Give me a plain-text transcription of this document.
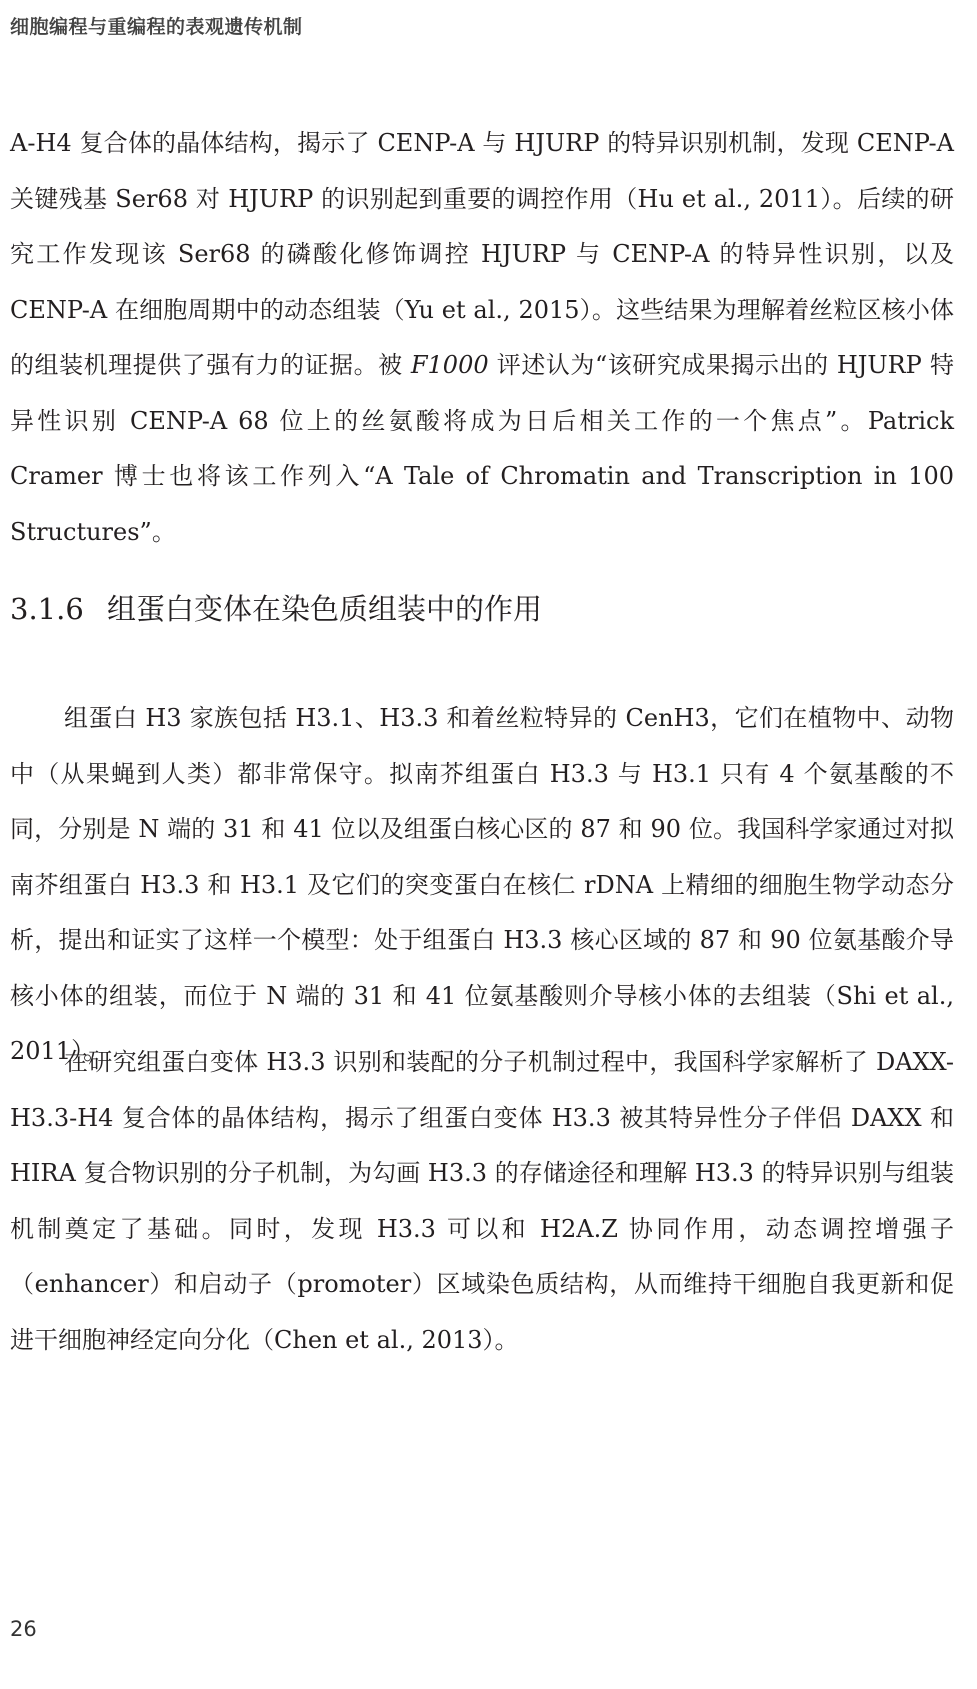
细胞编程与重编程的表观遗传机制
A-H4 复合体的晶体结构，揭示了 CENP-A 与 HJURP 的特异识别机制，发现 CENP-A 关键残基 Ser68 对 HJURP 的识别起到重要的调控作用（Hu et al., 2011）。后续的研究工作发现该 Ser68 的磷酸化修饰调控 HJURP 与 CENP-A 的特异性识别，以及 CENP-A 在细胞周期中的动态组装（Yu et al., 2015）。这些结果为理解着丝粒区核小体的组装机理提供了强有力的证据。被 F1000 评述认为“该研究成果揭示出的 HJURP 特异性识别 CENP-A 68 位上的丝氨酸将成为日后相关工作的一个焦点”。Patrick Cramer 博士也将该工作列入“A Tale of Chromatin and Transcription in 100 Structures”。
3.1.6 组蛋白变体在染色质组装中的作用
组蛋白 H3 家族包括 H3.1、H3.3 和着丝粒特异的 CenH3，它们在植物中、动物中（从果蝇到人类）都非常保守。拟南芥组蛋白 H3.3 与 H3.1 只有 4 个氨基酸的不同，分别是 N 端的 31 和 41 位以及组蛋白核心区的 87 和 90 位。我国科学家通过对拟南芥组蛋白 H3.3 和 H3.1 及它们的突变蛋白在核仁 rDNA 上精细的细胞生物学动态分析，提出和证实了这样一个模型：处于组蛋白 H3.3 核心区域的 87 和 90 位氨基酸介导核小体的组装，而位于 N 端的 31 和 41 位氨基酸则介导核小体的去组装（Shi et al., 2011）。
在研究组蛋白变体 H3.3 识别和装配的分子机制过程中，我国科学家解析了 DAXX-H3.3-H4 复合体的晶体结构，揭示了组蛋白变体 H3.3 被其特异性分子伴侣 DAXX 和 HIRA 复合物识别的分子机制，为勾画 H3.3 的存储途径和理解 H3.3 的特异识别与组装机制奠定了基础。同时，发现 H3.3 可以和 H2A.Z 协同作用，动态调控增强子（enhancer）和启动子（promoter）区域染色质结构，从而维持干细胞自我更新和促进干细胞神经定向分化（Chen et al., 2013）。
26
